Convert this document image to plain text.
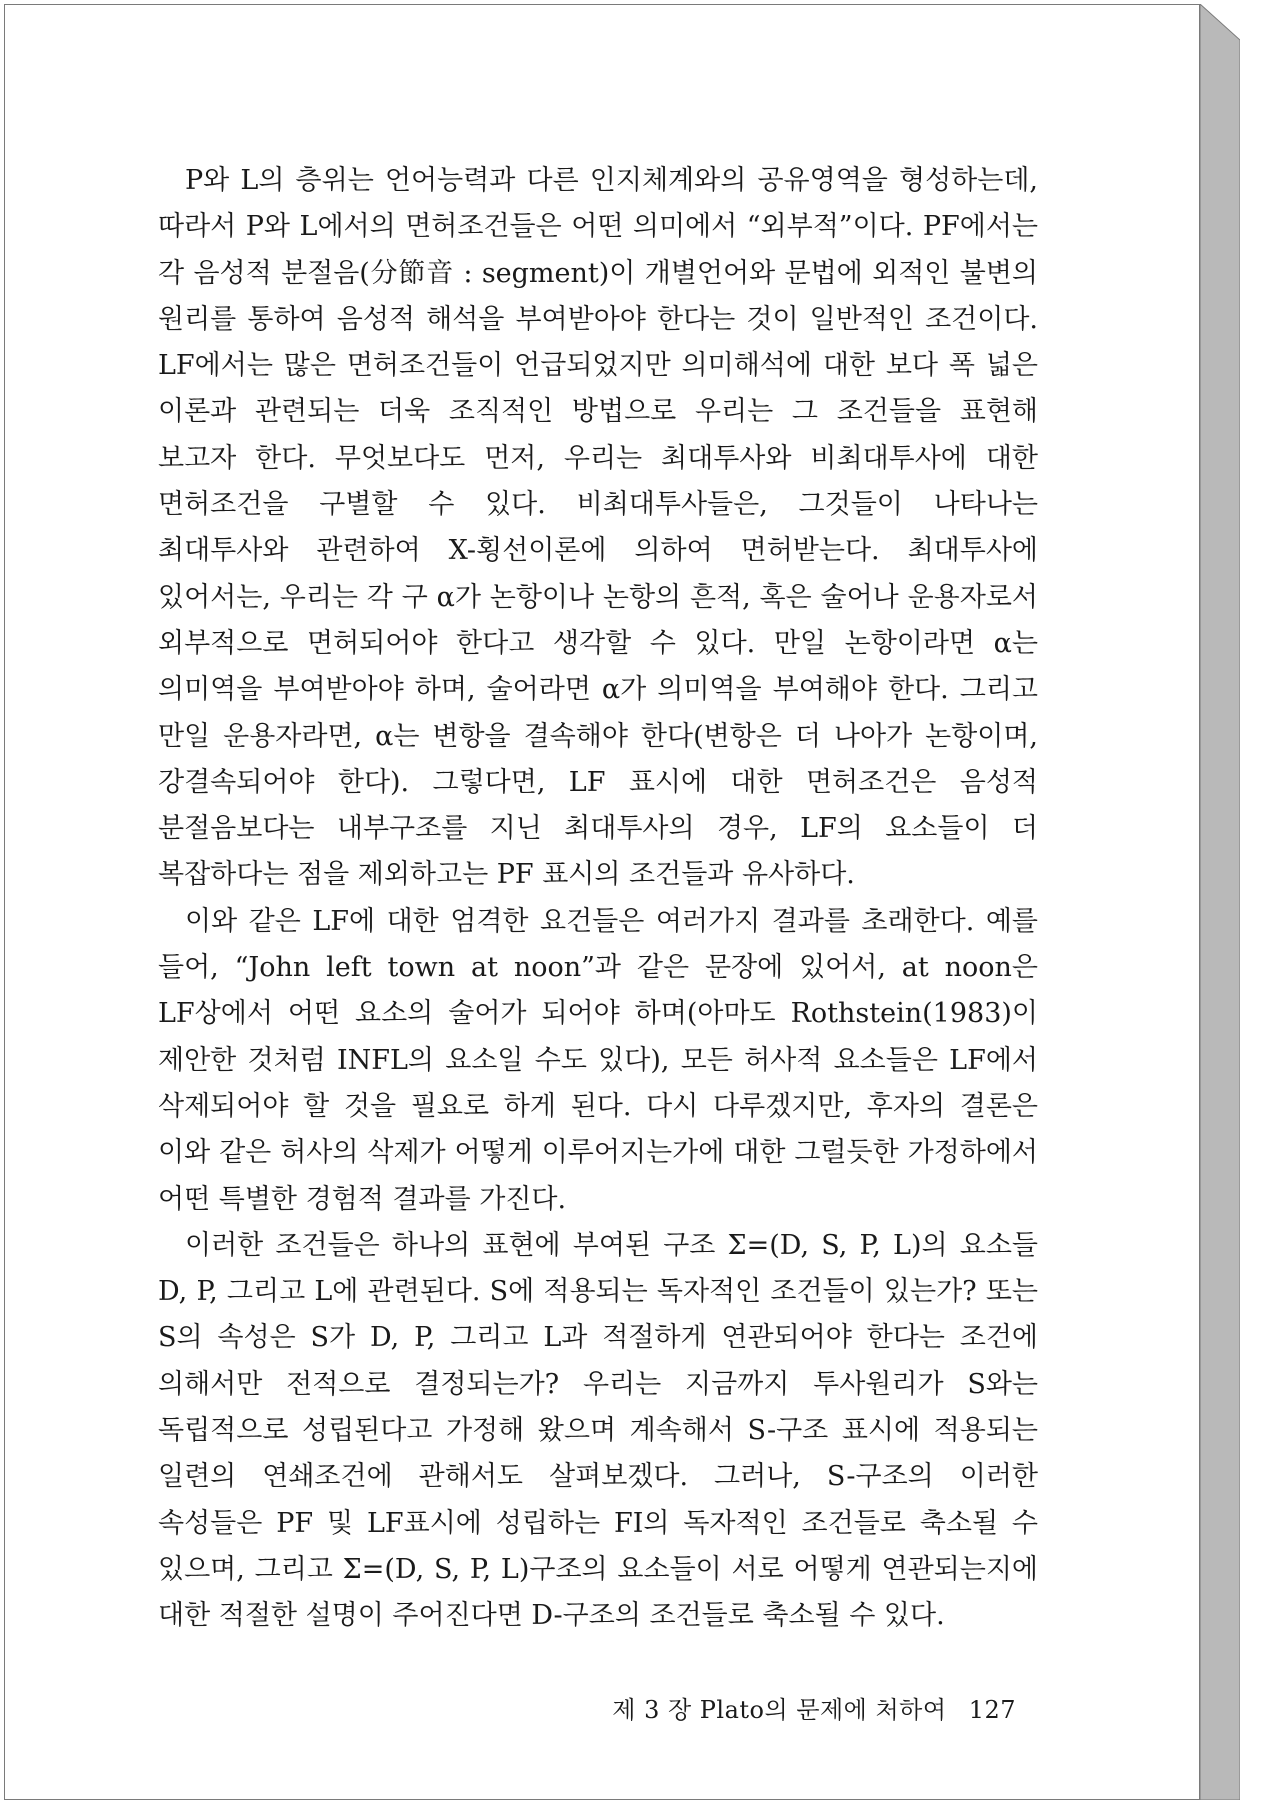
P와 L의 층위는 언어능력과 다른 인지체계와의 공유영역을 형성하는데, 따라서 P와 L에서의 면허조건들은 어떤 의미에서 “외부적”이다. PF에서는 각 음성적 분절음(分節音 : segment)이 개별언어와 문법에 외적인 불변의 원리를 통하여 음성적 해석을 부여받아야 한다는 것이 일반적인 조건이다. LF에서는 많은 면허조건들이 언급되었지만 의미해석에 대한 보다 폭 넓은 이론과 관련되는 더욱 조직적인 방법으로 우리는 그 조건들을 표현해 보고자 한다. 무엇보다도 먼저, 우리는 최대투사와 비최대투사에 대한 면허조건을 구별할 수 있다. 비최대투사들은, 그것들이 나타나는 최대투사와 관련하여 X-횡선이론에 의하여 면허받는다. 최대투사에 있어서는, 우리는 각 구 α가 논항이나 논항의 흔적, 혹은 술어나 운용자로서 외부적으로 면허되어야 한다고 생각할 수 있다. 만일 논항이라면 α는 의미역을 부여받아야 하며, 술어라면 α가 의미역을 부여해야 한다. 그리고 만일 운용자라면, α는 변항을 결속해야 한다(변항은 더 나아가 논항이며, 강결속되어야 한다). 그렇다면, LF 표시에 대한 면허조건은 음성적 분절음보다는 내부구조를 지닌 최대투사의 경우, LF의 요소들이 더 복잡하다는 점을 제외하고는 PF 표시의 조건들과 유사하다.

이와 같은 LF에 대한 엄격한 요건들은 여러가지 결과를 초래한다. 예를 들어, “John left town at noon”과 같은 문장에 있어서, at noon은 LF상에서 어떤 요소의 술어가 되어야 하며(아마도 Rothstein(1983)이 제안한 것처럼 INFL의 요소일 수도 있다), 모든 허사적 요소들은 LF에서 삭제되어야 할 것을 필요로 하게 된다. 다시 다루겠지만, 후자의 결론은 이와 같은 허사의 삭제가 어떻게 이루어지는가에 대한 그럴듯한 가정하에서 어떤 특별한 경험적 결과를 가진다.

이러한 조건들은 하나의 표현에 부여된 구조 Σ=(D, S, P, L)의 요소들 D, P, 그리고 L에 관련된다. S에 적용되는 독자적인 조건들이 있는가? 또는 S의 속성은 S가 D, P, 그리고 L과 적절하게 연관되어야 한다는 조건에 의해서만 전적으로 결정되는가? 우리는 지금까지 투사원리가 S와는 독립적으로 성립된다고 가정해 왔으며 계속해서 S-구조 표시에 적용되는 일련의 연쇄조건에 관해서도 살펴보겠다. 그러나, S-구조의 이러한 속성들은 PF 및 LF표시에 성립하는 FI의 독자적인 조건들로 축소될 수 있으며, 그리고 Σ=(D, S, P, L)구조의 요소들이 서로 어떻게 연관되는지에 대한 적절한 설명이 주어진다면 D-구조의 조건들로 축소될 수 있다.

제 3 장 Plato의 문제에 처하여 127
